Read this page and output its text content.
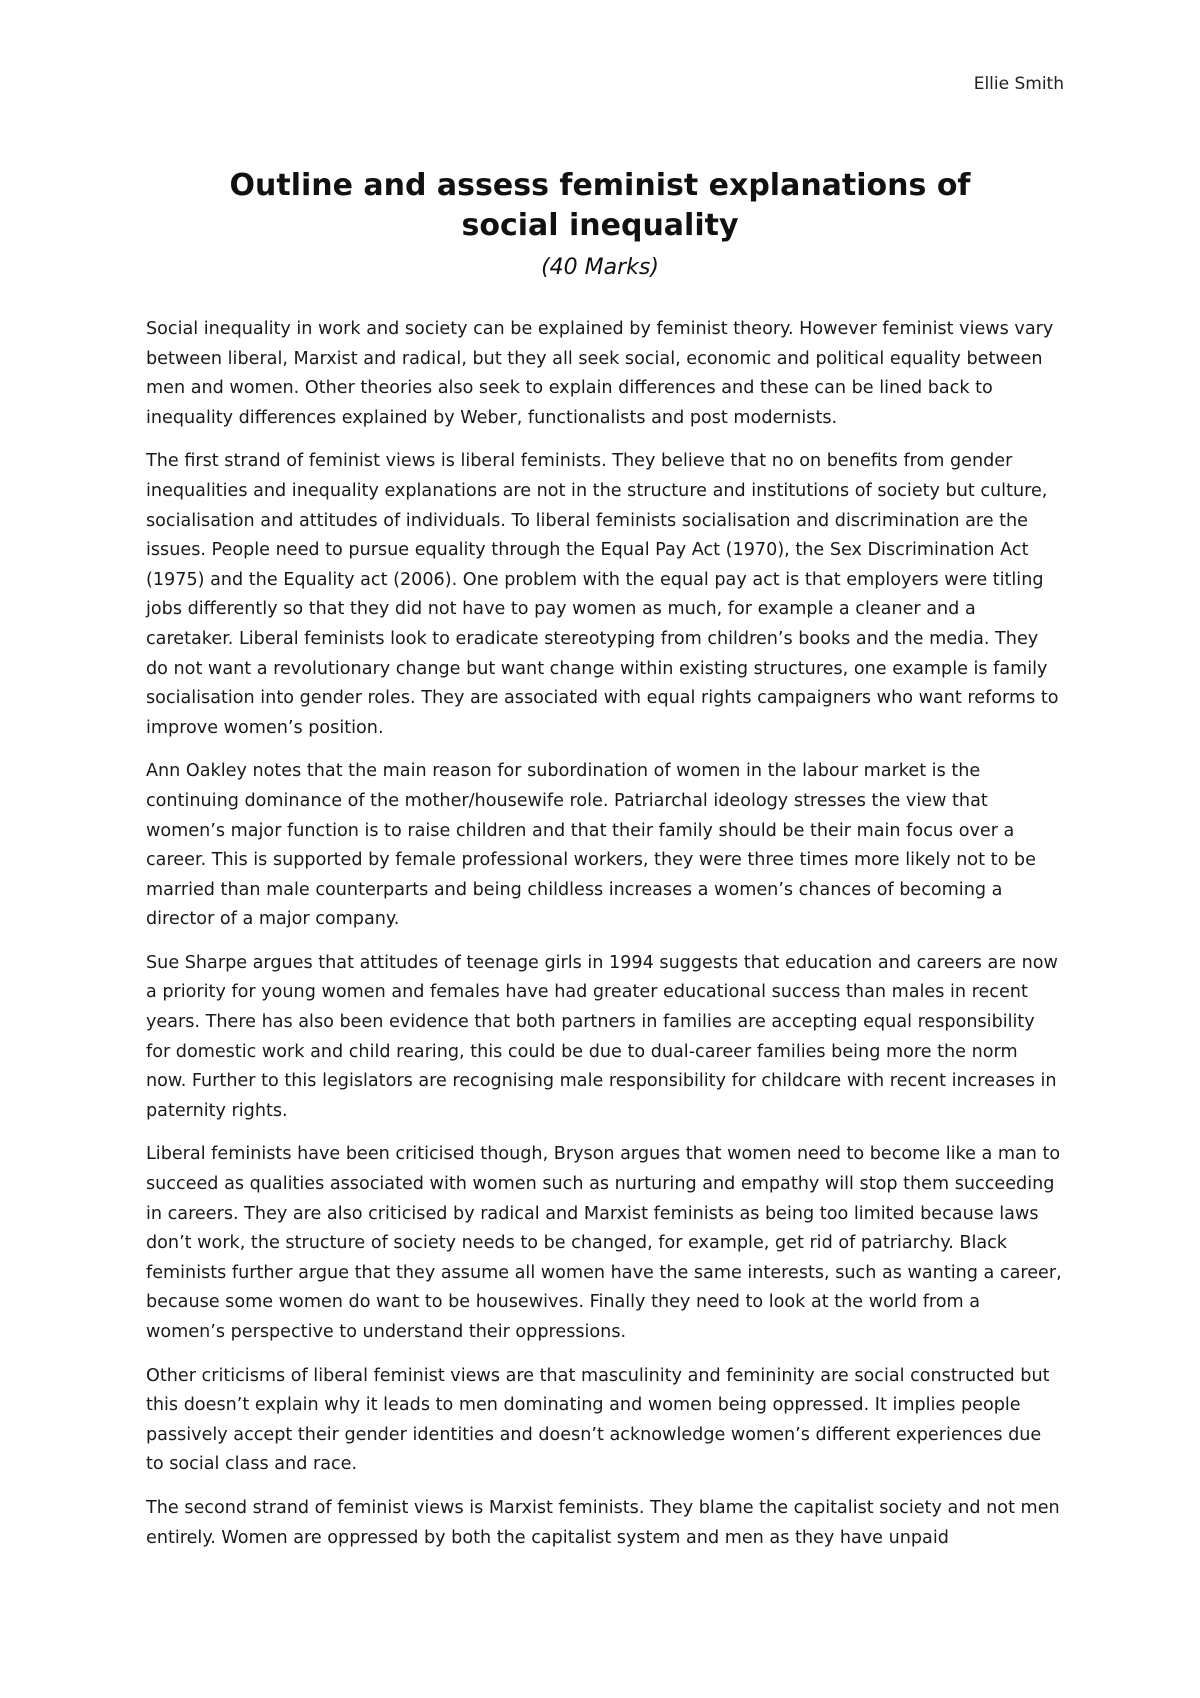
Ellie Smith
Outline and assess feminist explanations of social inequality
(40 Marks)

Social inequality in work and society can be explained by feminist theory. However feminist views vary between liberal, Marxist and radical, but they all seek social, economic and political equality between men and women. Other theories also seek to explain differences and these can be lined back to inequality differences explained by Weber, functionalists and post modernists.

The first strand of feminist views is liberal feminists. They believe that no on benefits from gender inequalities and inequality explanations are not in the structure and institutions of society but culture, socialisation and attitudes of individuals. To liberal feminists socialisation and discrimination are the issues. People need to pursue equality through the Equal Pay Act (1970), the Sex Discrimination Act (1975) and the Equality act (2006). One problem with the equal pay act is that employers were titling jobs differently so that they did not have to pay women as much, for example a cleaner and a caretaker. Liberal feminists look to eradicate stereotyping from children’s books and the media. They do not want a revolutionary change but want change within existing structures, one example is family socialisation into gender roles. They are associated with equal rights campaigners who want reforms to improve women’s position.

Ann Oakley notes that the main reason for subordination of women in the labour market is the continuing dominance of the mother/housewife role. Patriarchal ideology stresses the view that women’s major function is to raise children and that their family should be their main focus over a career. This is supported by female professional workers, they were three times more likely not to be married than male counterparts and being childless increases a women’s chances of becoming a director of a major company.

Sue Sharpe argues that attitudes of teenage girls in 1994 suggests that education and careers are now a priority for young women and females have had greater educational success than males in recent years. There has also been evidence that both partners in families are accepting equal responsibility for domestic work and child rearing, this could be due to dual-career families being more the norm now. Further to this legislators are recognising male responsibility for childcare with recent increases in paternity rights.

Liberal feminists have been criticised though, Bryson argues that women need to become like a man to succeed as qualities associated with women such as nurturing and empathy will stop them succeeding in careers. They are also criticised by radical and Marxist feminists as being too limited because laws don’t work, the structure of society needs to be changed, for example, get rid of patriarchy. Black feminists further argue that they assume all women have the same interests, such as wanting a career, because some women do want to be housewives. Finally they need to look at the world from a women’s perspective to understand their oppressions.

Other criticisms of liberal feminist views are that masculinity and femininity are social constructed but this doesn’t explain why it leads to men dominating and women being oppressed. It implies people passively accept their gender identities and doesn’t acknowledge women’s different experiences due to social class and race.

The second strand of feminist views is Marxist feminists. They blame the capitalist society and not men entirely. Women are oppressed by both the capitalist system and men as they have unpaid
